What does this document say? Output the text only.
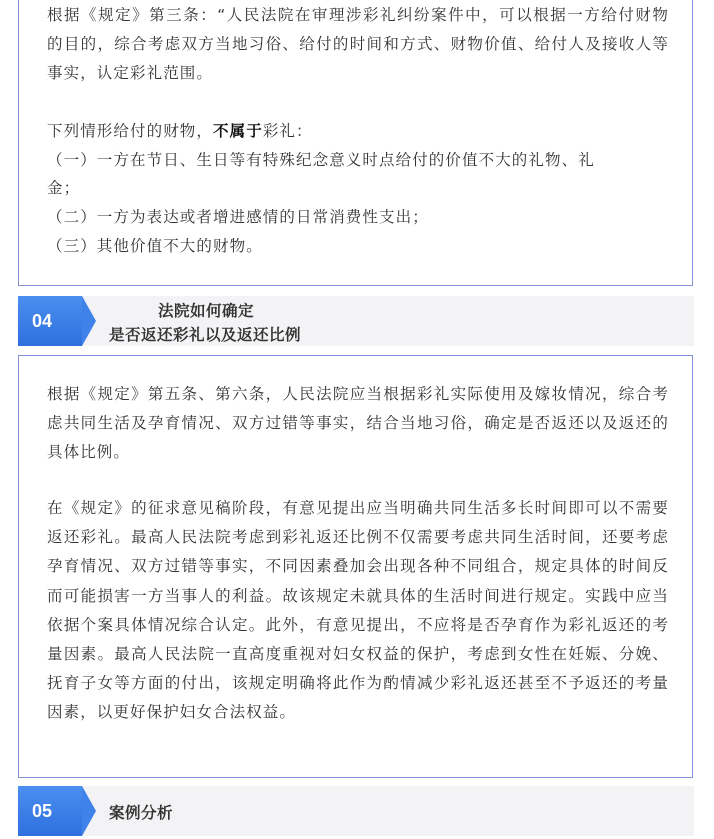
根据《规定》第三条：“人民法院在审理涉彩礼纠纷案件中，可以根据一方给付财物的目的，综合考虑双方当地习俗、给付的时间和方式、财物价值、给付人及接收人等事实，认定彩礼范围。

下列情形给付的财物，不属于彩礼：

（一）一方在节日、生日等有特殊纪念意义时点给付的价值不大的礼物、礼

金；

（二）一方为表达或者增进感情的日常消费性支出；

（三）其他价值不大的财物。

04	法院如何确定
是否返还彩礼以及返还比例

根据《规定》第五条、第六条，人民法院应当根据彩礼实际使用及嫁妆情况，综合考虑共同生活及孕育情况、双方过错等事实，结合当地习俗，确定是否返还以及返还的具体比例。

在《规定》的征求意见稿阶段，有意见提出应当明确共同生活多长时间即可以不需要返还彩礼。最高人民法院考虑到彩礼返还比例不仅需要考虑共同生活时间，还要考虑孕育情况、双方过错等事实，不同因素叠加会出现各种不同组合，规定具体的时间反而可能损害一方当事人的利益。故该规定未就具体的生活时间进行规定。实践中应当依据个案具体情况综合认定。此外，有意见提出，不应将是否孕育作为彩礼返还的考量因素。最高人民法院一直高度重视对妇女权益的保护，考虑到女性在妊娠、分娩、抚育子女等方面的付出，该规定明确将此作为酌情减少彩礼返还甚至不予返还的考量因素，以更好保护妇女合法权益。

05	案例分析
